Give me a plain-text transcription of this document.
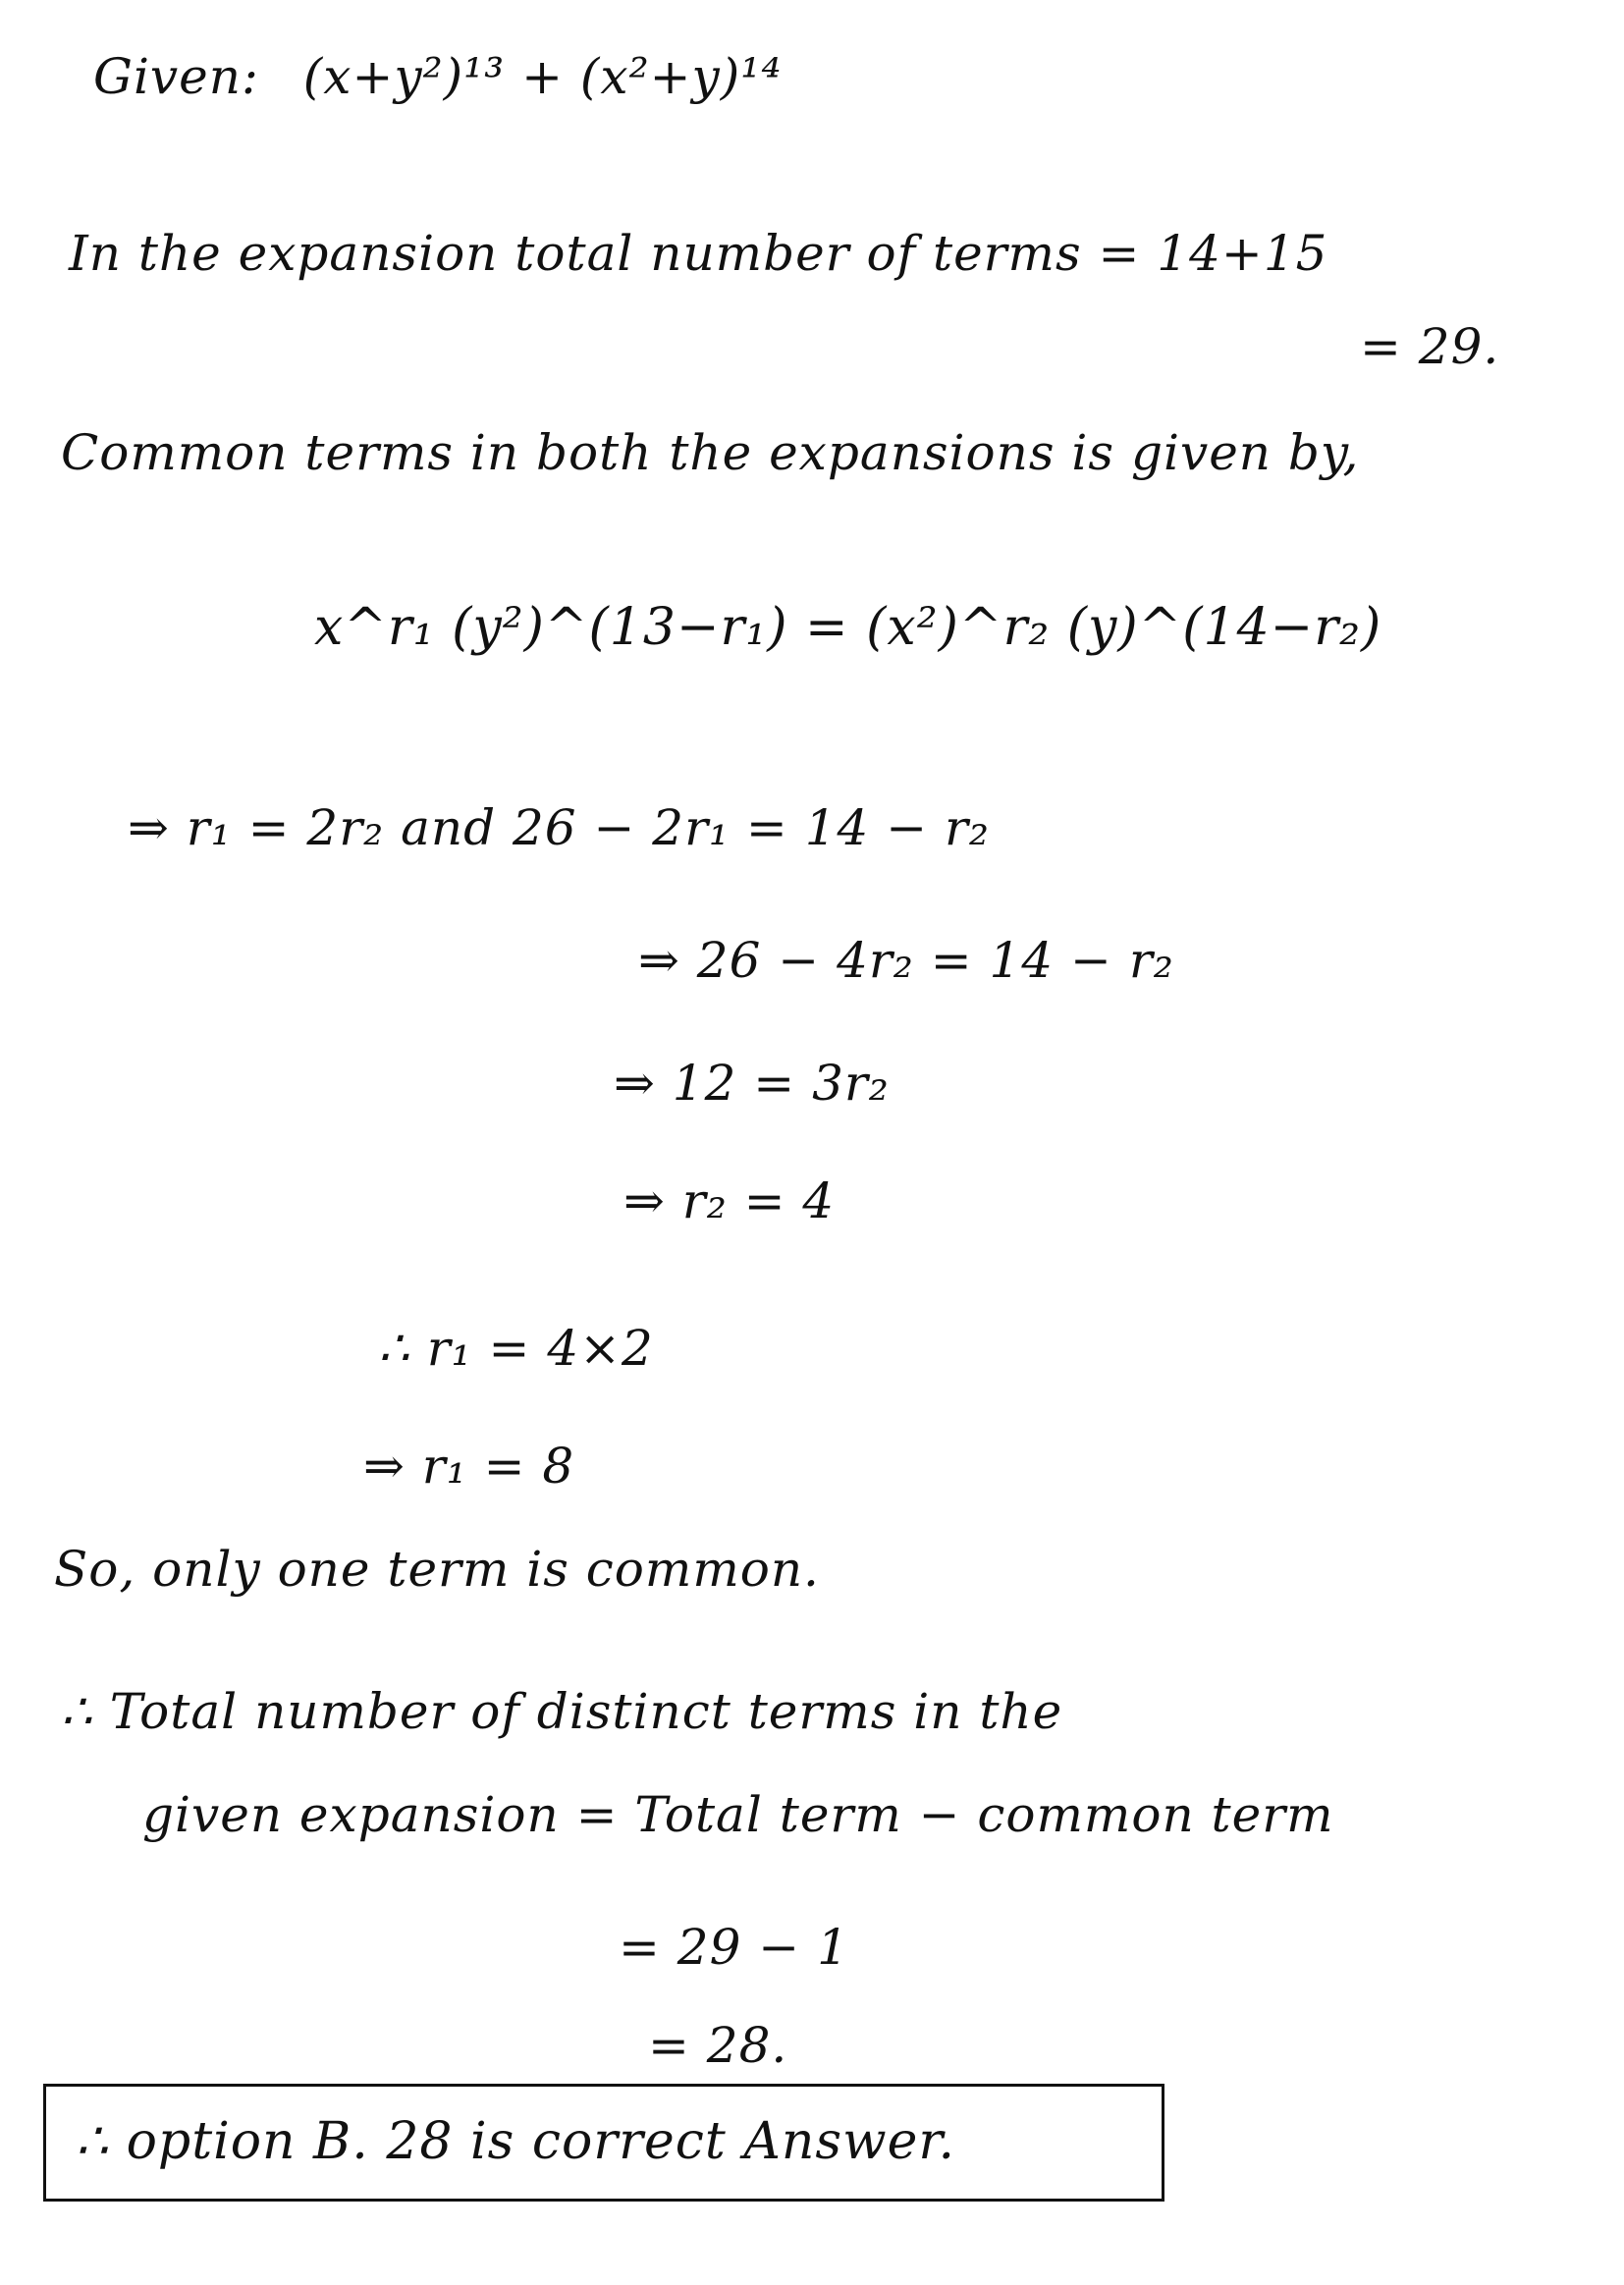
Given: (x+y²)¹³ + (x²+y)¹⁴
In the expansion total number of terms = 14+15
= 29.
Common terms in both the expansions is given by,
x^r₁ (y²)^(13−r₁) = (x²)^r₂ (y)^(14−r₂)
⇒ r₁ = 2r₂ and 26 − 2r₁ = 14 − r₂
⇒ 26 − 4r₂ = 14 − r₂
⇒ 12 = 3r₂
⇒ r₂ = 4
∴ r₁ = 4×2
⇒ r₁ = 8
So, only one term is common.
∴ Total number of distinct terms in the
given expansion = Total term − common term
= 29 − 1
= 28.
∴ option B. 28 is correct Answer.
